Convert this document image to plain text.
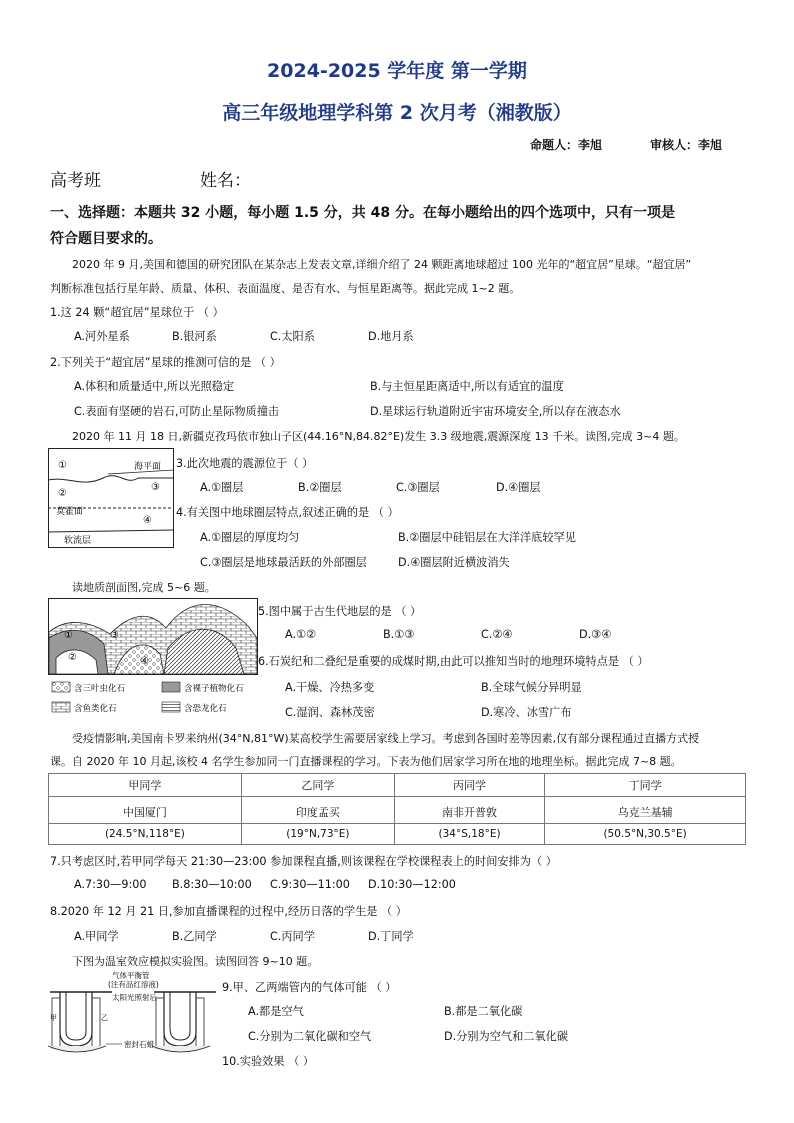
2024-2025 学年度 第一学期
高三年级地理学科第 2 次月考（湘教版）
命题人：李旭	审核人：李旭
高考班	姓名：
一、选择题：本题共 32 小题，每小题 1.5 分，共 48 分。在每小题给出的四个选项中，只有一项是
符合题目要求的。
2020 年 9 月,美国和德国的研究团队在某杂志上发表文章,详细介绍了 24 颗距离地球超过 100 光年的“超宜居”星球。“超宜居”
判断标准包括行星年龄、质量、体积、表面温度、是否有水、与恒星距离等。据此完成 1~2 题。
1.这 24 颗“超宜居”星球位于 （ ）
A.河外星系	B.银河系	C.太阳系	D.地月系
2.下列关于“超宜居”星球的推测可信的是 （ ）
A.体积和质量适中,所以光照稳定	B.与主恒星距离适中,所以有适宜的温度
C.表面有坚硬的岩石,可防止星际物质撞击	D.星球运行轨道附近宇宙环境安全,所以存在液态水
2020 年 11 月 18 日,新疆克孜玛依市独山子区(44.16°N,84.82°E)发生 3.3 级地震,震源深度 13 千米。读图,完成 3~4 题。
①	海平面
③
②
莫霍面
④
软流层
3.此次地震的震源位于（ ）
A.①圈层	B.②圈层	C.③圈层	D.④圈层
4.有关图中地球圈层特点,叙述正确的是 （ ）
A.①圈层的厚度均匀	B.②圈层中硅铝层在大洋洋底较罕见
C.③圈层是地球最活跃的外部圈层	D.④圈层附近横波消失
读地质剖面图,完成 5~6 题。
①
②
③
④
含三叶虫化石	含裸子植物化石
含鱼类化石	含恐龙化石
5.图中属于古生代地层的是 （ ）
A.①②	B.①③	C.②④	D.③④
6.石炭纪和二叠纪是重要的成煤时期,由此可以推知当时的地理环境特点是 （ ）
A.干燥、冷热多变	B.全球气候分异明显
C.湿润、森林茂密	D.寒冷、冰雪广布
受疫情影响,美国南卡罗来纳州(34°N,81°W)某高校学生需要居家线上学习。考虑到各国时差等因素,仅有部分课程通过直播方式授
课。自 2020 年 10 月起,该校 4 名学生参加同一门直播课程的学习。下表为他们居家学习所在地的地理坐标。据此完成 7~8 题。
甲同学	乙同学	丙同学	丁同学
中国厦门	印度孟买	南非开普敦	乌克兰基辅
(24.5°N,118°E)	(19°N,73°E)	(34°S,18°E)	(50.5°N,30.5°E)
7.只考虑区时,若甲同学每天 21:30—23:00 参加课程直播,则该课程在学校课程表上的时间安排为（ ）
A.7:30—9:00 B.8:30—10:00 C.9:30—11:00 D.10:30—12:00
8.2020 年 12 月 21 日,参加直播课程的过程中,经历日落的学生是 （ ）
A.甲同学	B.乙同学	C.丙同学	D.丁同学
下图为温室效应模拟实验图。读图回答 9~10 题。
甲	乙
气体平衡管
(注有品红溶液)
太阳光照射后
密封石蜡
9.甲、乙两端管内的气体可能 （ ）
A.都是空气	B.都是二氧化碳
C.分别为二氧化碳和空气	D.分别为空气和二氧化碳
10.实验效果 （ ）
